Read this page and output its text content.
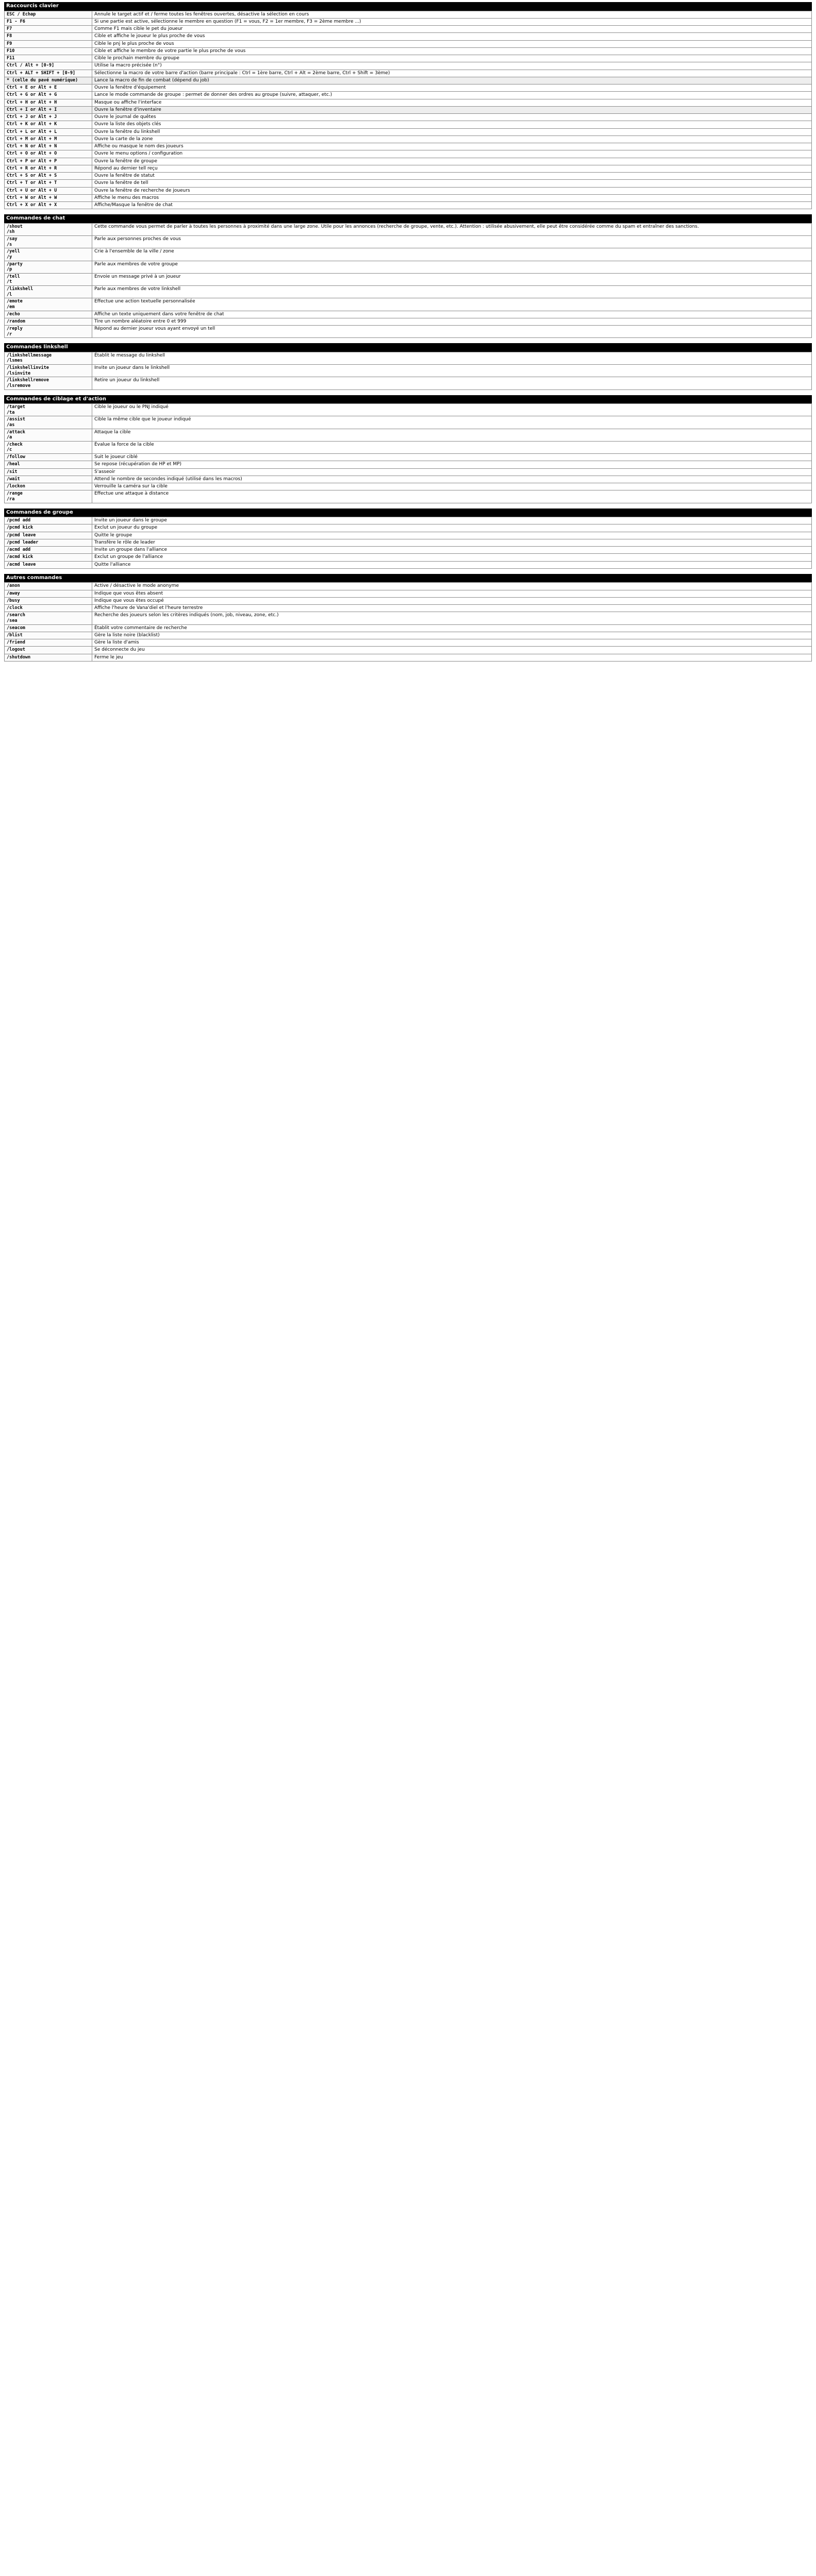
Raccourcis clavier
ESC / Echap	Annule le target actif et / ferme toutes les fenêtres ouvertes, désactive la sélection en cours
F1 - F6	Si une partie est active, sélectionne le membre en question (F1 = vous, F2 = 1er membre, F3 = 2ème membre ...)
F7	Comme F1 mais cible le pet du joueur
F8	Cible et affiche le joueur le plus proche de vous
F9	Cible le pnj le plus proche de vous
F10	Cible et affiche le membre de votre partie le plus proche de vous
F11	Cible le prochain membre du groupe
Ctrl / Alt + [0-9]	Utilise la macro précisée (n°)
Ctrl + ALT + SHIFT + [0-9]	Sélectionne la macro de votre barre d'action (barre principale : Ctrl = 1ère barre, Ctrl + Alt = 2ème barre, Ctrl + Shift = 3ème)
* (celle du pavé numérique)	Lance la macro de fin de combat (dépend du job)
Ctrl + E or Alt + E	Ouvre la fenêtre d'équipement
Ctrl + G or Alt + G	Lance le mode commande de groupe : permet de donner des ordres au groupe (suivre, attaquer, etc.)
Ctrl + H or Alt + H	Masque ou affiche l'interface
Ctrl + I or Alt + I	Ouvre la fenêtre d'inventaire
Ctrl + J or Alt + J	Ouvre le journal de quêtes
Ctrl + K or Alt + K	Ouvre la liste des objets clés
Ctrl + L or Alt + L	Ouvre la fenêtre du linkshell
Ctrl + M or Alt + M	Ouvre la carte de la zone
Ctrl + N or Alt + N	Affiche ou masque le nom des joueurs
Ctrl + O or Alt + O	Ouvre le menu options / configuration
Ctrl + P or Alt + P	Ouvre la fenêtre de groupe
Ctrl + R or Alt + R	Répond au dernier tell reçu
Ctrl + S or Alt + S	Ouvre la fenêtre de statut
Ctrl + T or Alt + T	Ouvre la fenêtre de tell
Ctrl + U or Alt + U	Ouvre la fenêtre de recherche de joueurs
Ctrl + W or Alt + W	Affiche le menu des macros
Ctrl + X or Alt + X	Affiche/Masque la fenêtre de chat
Commandes de chat
/shout
/sh	Cette commande vous permet de parler à toutes les personnes à proximité dans une large zone. Utile pour les annonces (recherche de groupe, vente, etc.). Attention : utilisée abusivement, elle peut être considérée comme du spam et entraîner des sanctions.
/say
/s	Parle aux personnes proches de vous
/yell
/y	Crie à l'ensemble de la ville / zone
/party
/p	Parle aux membres de votre groupe
/tell
/t	Envoie un message privé à un joueur
/linkshell
/l	Parle aux membres de votre linkshell
/emote
/em	Effectue une action textuelle personnalisée
/echo	Affiche un texte uniquement dans votre fenêtre de chat
/random	Tire un nombre aléatoire entre 0 et 999
/reply
/r	Répond au dernier joueur vous ayant envoyé un tell
Commandes linkshell
/linkshellmessage
/lsmes	Établit le message du linkshell
/linkshellinvite
/lsinvite	Invite un joueur dans le linkshell
/linkshellremove
/lsremove	Retire un joueur du linkshell
Commandes de ciblage et d'action
/target
/ta	Cible le joueur ou le PNJ indiqué
/assist
/as	Cible la même cible que le joueur indiqué
/attack
/a	Attaque la cible
/check
/c	Évalue la force de la cible
/follow	Suit le joueur ciblé
/heal	Se repose (récupération de HP et MP)
/sit	S'asseoir
/wait	Attend le nombre de secondes indiqué (utilisé dans les macros)
/lockon	Verrouille la caméra sur la cible
/range
/ra	Effectue une attaque à distance
Commandes de groupe
/pcmd add	Invite un joueur dans le groupe
/pcmd kick	Exclut un joueur du groupe
/pcmd leave	Quitte le groupe
/pcmd leader	Transfère le rôle de leader
/acmd add	Invite un groupe dans l'alliance
/acmd kick	Exclut un groupe de l'alliance
/acmd leave	Quitte l'alliance
Autres commandes
/anon	Active / désactive le mode anonyme
/away	Indique que vous êtes absent
/busy	Indique que vous êtes occupé
/clock	Affiche l'heure de Vana'diel et l'heure terrestre
/search
/sea	Recherche des joueurs selon les critères indiqués (nom, job, niveau, zone, etc.)
/seacom	Établit votre commentaire de recherche
/blist	Gère la liste noire (blacklist)
/friend	Gère la liste d'amis
/logout	Se déconnecte du jeu
/shutdown	Ferme le jeu
